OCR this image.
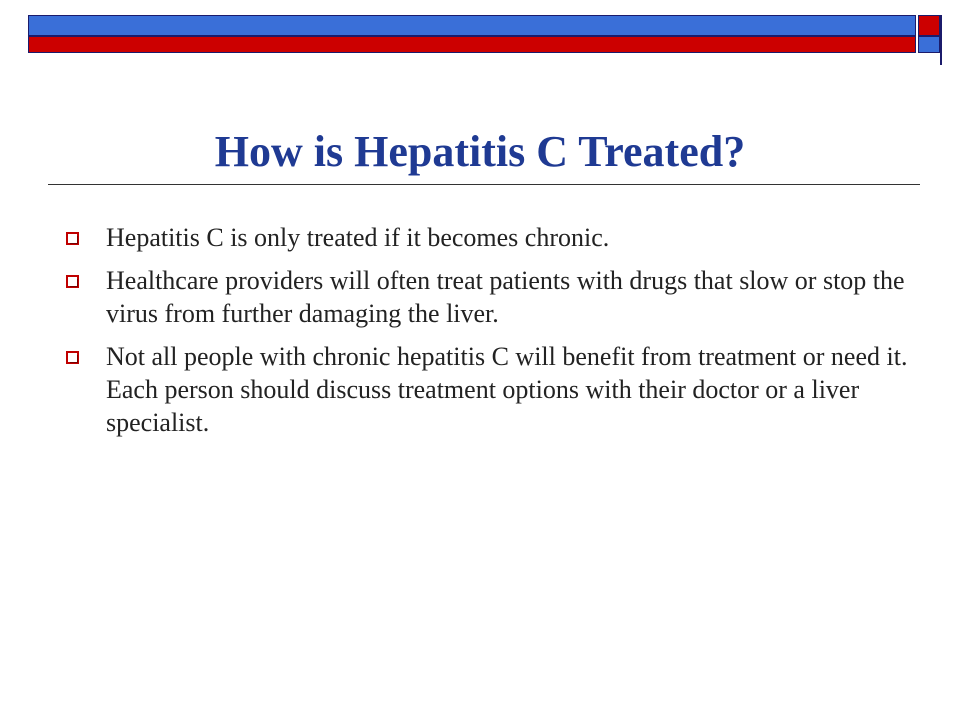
How is Hepatitis C Treated?
Hepatitis C is only treated if it becomes chronic.
Healthcare providers will often treat patients with drugs that slow or stop the virus from further damaging the liver.
Not all people with chronic hepatitis C will benefit from treatment or need it. Each person should discuss treatment options with their doctor or a liver specialist.
